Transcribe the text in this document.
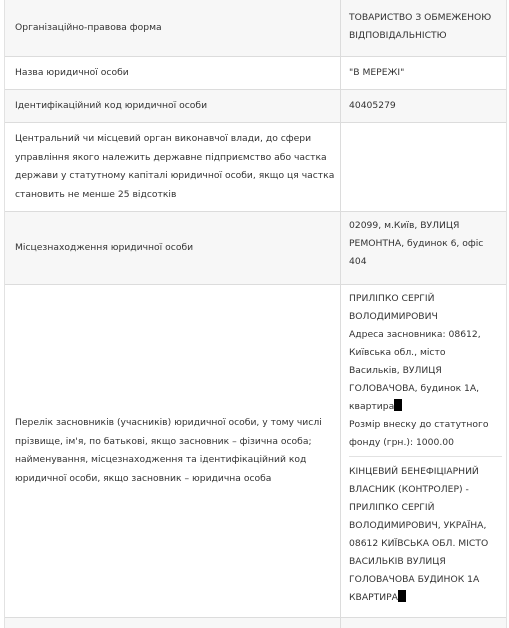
Організаційно-правова форма
ТОВАРИСТВО З ОБМЕЖЕНОЮ
ВІДПОВІДАЛЬНІСТЮ
Назва юридичної особи	"В МЕРЕЖІ"
Ідентифікаційний код юридичної особи	40405279
Центральний чи місцевий орган виконавчої влади, до сфери
управління якого належить державне підприємство або частка
держави у статутному капіталі юридичної особи, якщо ця частка
становить не менше 25 відсотків
Місцезнаходження юридичної особи
02099, м.Київ, ВУЛИЦЯ
РЕМОНТНА, будинок 6, офіс
404
Перелік засновників (учасників) юридичної особи, у тому числі
прізвище, ім'я, по батькові, якщо засновник – фізична особа;
найменування, місцезнаходження та ідентифікаційний код
юридичної особи, якщо засновник – юридична особа
ПРИЛІПКО СЕРГІЙ
ВОЛОДИМИРОВИЧ
Адреса засновника: 08612,
Київська обл., місто
Васильків, ВУЛИЦЯ
ГОЛОВАЧОВА, будинок 1А,
квартира
Розмір внеску до статутного
фонду (грн.): 1000.00
КІНЦЕВИЙ БЕНЕФІЦІАРНИЙ
ВЛАСНИК (КОНТРОЛЕР) -
ПРИЛІПКО СЕРГІЙ
ВОЛОДИМИРОВИЧ, УКРАЇНА,
08612 КИЇВСЬКА ОБЛ. МІСТО
ВАСИЛЬКІВ ВУЛИЦЯ
ГОЛОВАЧОВА БУДИНОК 1А
КВАРТИРА
